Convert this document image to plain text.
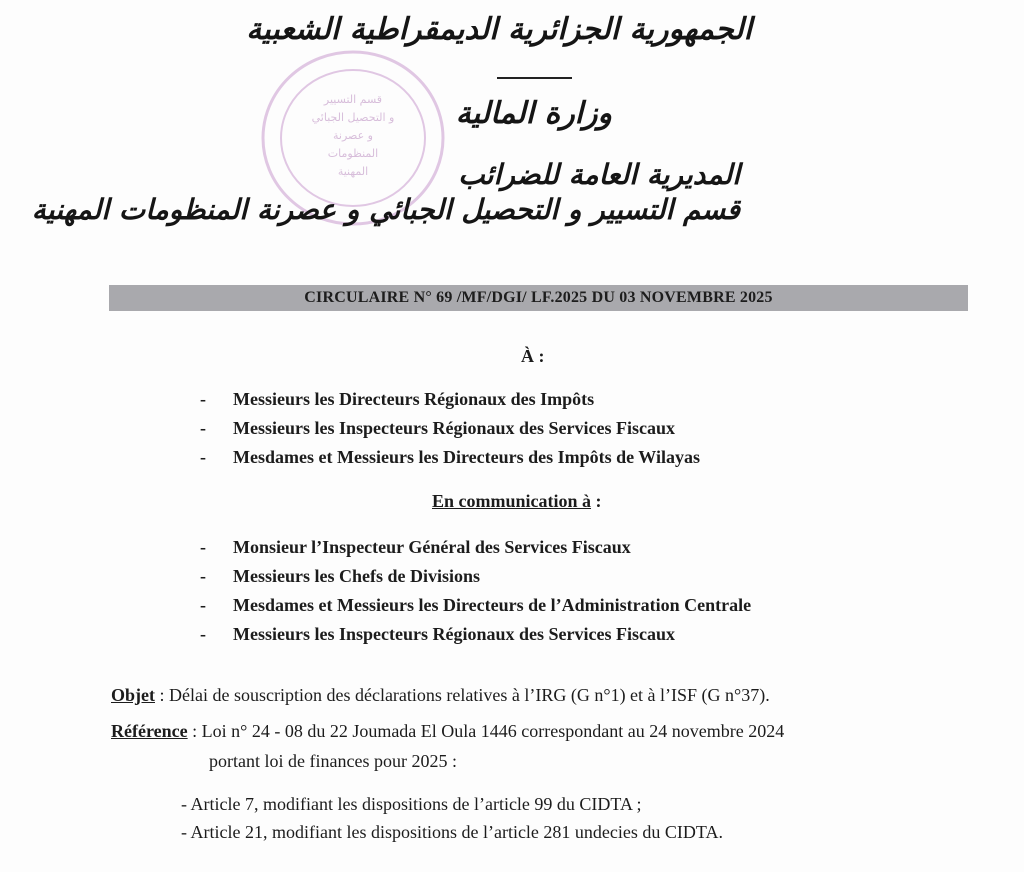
قسم التسيير
و التحصيل الجبائي
و عصرنة
المنظومات
المهنية
الجمهورية الجزائرية الديمقراطية الشعبية
وزارة المالية
المديرية العامة للضرائب
قسم التسيير و التحصيل الجبائي و عصرنة المنظومات المهنية
CIRCULAIRE N° 69 /MF/DGI/ LF.2025 DU 03 NOVEMBRE 2025
À :
- Messieurs les Directeurs Régionaux des Impôts
- Messieurs les Inspecteurs Régionaux des Services Fiscaux
- Mesdames et Messieurs les Directeurs des Impôts de Wilayas
En communication à :
- Monsieur l’Inspecteur Général des Services Fiscaux
- Messieurs les Chefs de Divisions
- Mesdames et Messieurs les Directeurs de l’Administration Centrale
- Messieurs les Inspecteurs Régionaux des Services Fiscaux
Objet : Délai de souscription des déclarations relatives à l’IRG (G n°1) et à l’ISF (G n°37).
Référence : Loi n° 24 - 08 du 22 Joumada El Oula 1446 correspondant au 24 novembre 2024
portant loi de finances pour 2025 :
- Article 7, modifiant les dispositions de l’article 99 du CIDTA ;
- Article 21, modifiant les dispositions de l’article 281 undecies du CIDTA.
